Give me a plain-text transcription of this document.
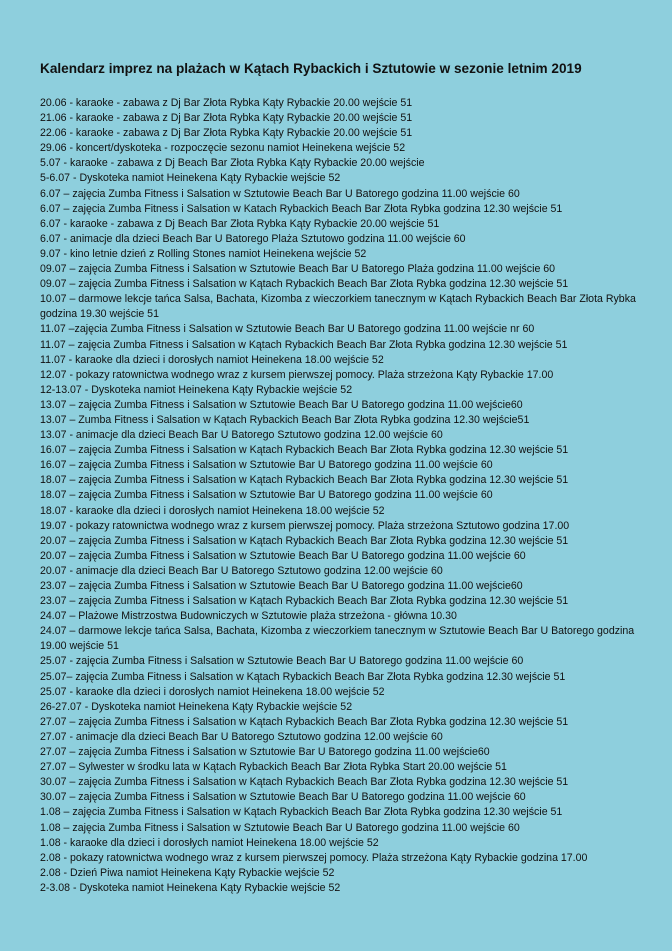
Kalendarz imprez na plażach w Kątach Rybackich i Sztutowie w sezonie letnim 2019
20.06 - karaoke - zabawa z Dj Bar Złota Rybka Kąty Rybackie 20.00 wejście 51
21.06 - karaoke - zabawa z Dj Bar Złota Rybka Kąty Rybackie 20.00 wejście 51
22.06 - karaoke - zabawa z Dj Bar Złota Rybka Kąty Rybackie 20.00 wejście 51
29.06 - koncert/dyskoteka - rozpoczęcie sezonu namiot Heinekena wejście 52
5.07 - karaoke - zabawa z Dj Beach Bar Złota Rybka Kąty Rybackie 20.00 wejście
5-6.07 - Dyskoteka namiot Heinekena Kąty Rybackie wejście 52
6.07 – zajęcia Zumba Fitness i Salsation w Sztutowie Beach Bar U Batorego godzina 11.00 wejście 60
6.07 – zajęcia Zumba Fitness i Salsation w Katach Rybackich Beach Bar Złota Rybka godzina 12.30 wejście 51
6.07 - karaoke - zabawa z Dj Beach Bar Złota Rybka Kąty Rybackie 20.00 wejście 51
6.07 - animacje dla dzieci Beach Bar U Batorego Plaża Sztutowo godzina 11.00 wejście 60
9.07 - kino letnie dzień z Rolling Stones namiot Heinekena wejście 52
09.07 – zajęcia Zumba Fitness i Salsation w Sztutowie Beach Bar U Batorego Plaża godzina 11.00 wejście 60
09.07 – zajęcia Zumba Fitness i Salsation w Kątach Rybackich Beach Bar Złota Rybka godzina 12.30 wejście 51
10.07 – darmowe lekcje tańca Salsa, Bachata, Kizomba z wieczorkiem tanecznym w Kątach Rybackich Beach Bar Złota Rybka godzina 19.30 wejście 51
11.07 –zajęcia Zumba Fitness i Salsation w Sztutowie Beach Bar U Batorego godzina 11.00 wejście nr 60
11.07 – zajęcia Zumba Fitness i Salsation w Kątach Rybackich Beach Bar Złota Rybka godzina 12.30 wejście 51
11.07 - karaoke dla dzieci i dorosłych namiot Heinekena 18.00 wejście 52
12.07 - pokazy ratownictwa wodnego wraz z kursem pierwszej pomocy. Plaża strzeżona Kąty Rybackie 17.00
12-13.07 - Dyskoteka namiot Heinekena Kąty Rybackie wejście 52
13.07 – zajęcia Zumba Fitness i Salsation w Sztutowie Beach Bar U Batorego godzina 11.00 wejście60
13.07 – Zumba Fitness i Salsation w Kątach Rybackich Beach Bar Złota Rybka godzina 12.30 wejście51
13.07 - animacje dla dzieci Beach Bar U Batorego Sztutowo godzina 12.00 wejście 60
16.07 – zajęcia Zumba Fitness i Salsation w Kątach Rybackich Beach Bar Złota Rybka godzina 12.30 wejście 51
16.07 – zajęcia Zumba Fitness i Salsation w Sztutowie Bar U Batorego godzina 11.00 wejście 60
18.07 – zajęcia Zumba Fitness i Salsation w Kątach Rybackich Beach Bar Złota Rybka godzina 12.30 wejście 51
18.07 – zajęcia Zumba Fitness i Salsation w Sztutowie Bar U Batorego godzina 11.00 wejście 60
18.07 - karaoke dla dzieci i dorosłych namiot Heinekena 18.00 wejście 52
19.07 - pokazy ratownictwa wodnego wraz z kursem pierwszej pomocy. Plaża strzeżona Sztutowo godzina 17.00
20.07 – zajęcia Zumba Fitness i Salsation w Kątach Rybackich Beach Bar Złota Rybka godzina 12.30 wejście 51
20.07 – zajęcia Zumba Fitness i Salsation w Sztutowie Beach Bar U Batorego godzina 11.00 wejście 60
20.07 - animacje dla dzieci Beach Bar U Batorego Sztutowo godzina 12.00 wejście 60
23.07 – zajęcia Zumba Fitness i Salsation w Sztutowie Beach Bar U Batorego godzina 11.00 wejście60
23.07 – zajęcia Zumba Fitness i Salsation w Kątach Rybackich Beach Bar Złota Rybka godzina 12.30 wejście 51
24.07 – Plażowe Mistrzostwa Budowniczych w Sztutowie plaża strzeżona - główna 10.30
24.07 – darmowe lekcje tańca Salsa, Bachata, Kizomba z wieczorkiem tanecznym w Sztutowie Beach Bar U Batorego godzina 19.00 wejście 51
25.07 - zajęcia Zumba Fitness i Salsation w Sztutowie Beach Bar U Batorego godzina 11.00 wejście 60
25.07– zajęcia Zumba Fitness i Salsation w Kątach Rybackich Beach Bar Złota Rybka godzina 12.30 wejście 51
25.07 - karaoke dla dzieci i dorosłych namiot Heinekena 18.00 wejście 52
26-27.07 - Dyskoteka namiot Heinekena Kąty Rybackie wejście 52
27.07 – zajęcia Zumba Fitness i Salsation w Kątach Rybackich Beach Bar Złota Rybka godzina 12.30 wejście 51
27.07 - animacje dla dzieci Beach Bar U Batorego Sztutowo godzina 12.00 wejście 60
27.07 – zajęcia Zumba Fitness i Salsation w Sztutowie Bar U Batorego godzina 11.00 wejście60
27.07 – Sylwester w środku lata w Kątach Rybackich Beach Bar Złota Rybka Start 20.00 wejście 51
30.07 – zajęcia Zumba Fitness i Salsation w Kątach Rybackich Beach Bar Złota Rybka godzina 12.30 wejście 51
30.07 – zajęcia Zumba Fitness i Salsation w Sztutowie Beach Bar U Batorego godzina 11.00 wejście 60
1.08 – zajęcia Zumba Fitness i Salsation w Kątach Rybackich Beach Bar Złota Rybka godzina 12.30 wejście 51
1.08 – zajęcia Zumba Fitness i Salsation w Sztutowie Beach Bar U Batorego godzina 11.00 wejście 60
1.08 - karaoke dla dzieci i dorosłych namiot Heinekena 18.00 wejście 52
2.08 - pokazy ratownictwa wodnego wraz z kursem pierwszej pomocy. Plaża strzeżona Kąty Rybackie godzina 17.00
2.08 - Dzień Piwa namiot Heinekena Kąty Rybackie wejście 52
2-3.08 - Dyskoteka namiot Heinekena Kąty Rybackie wejście 52
